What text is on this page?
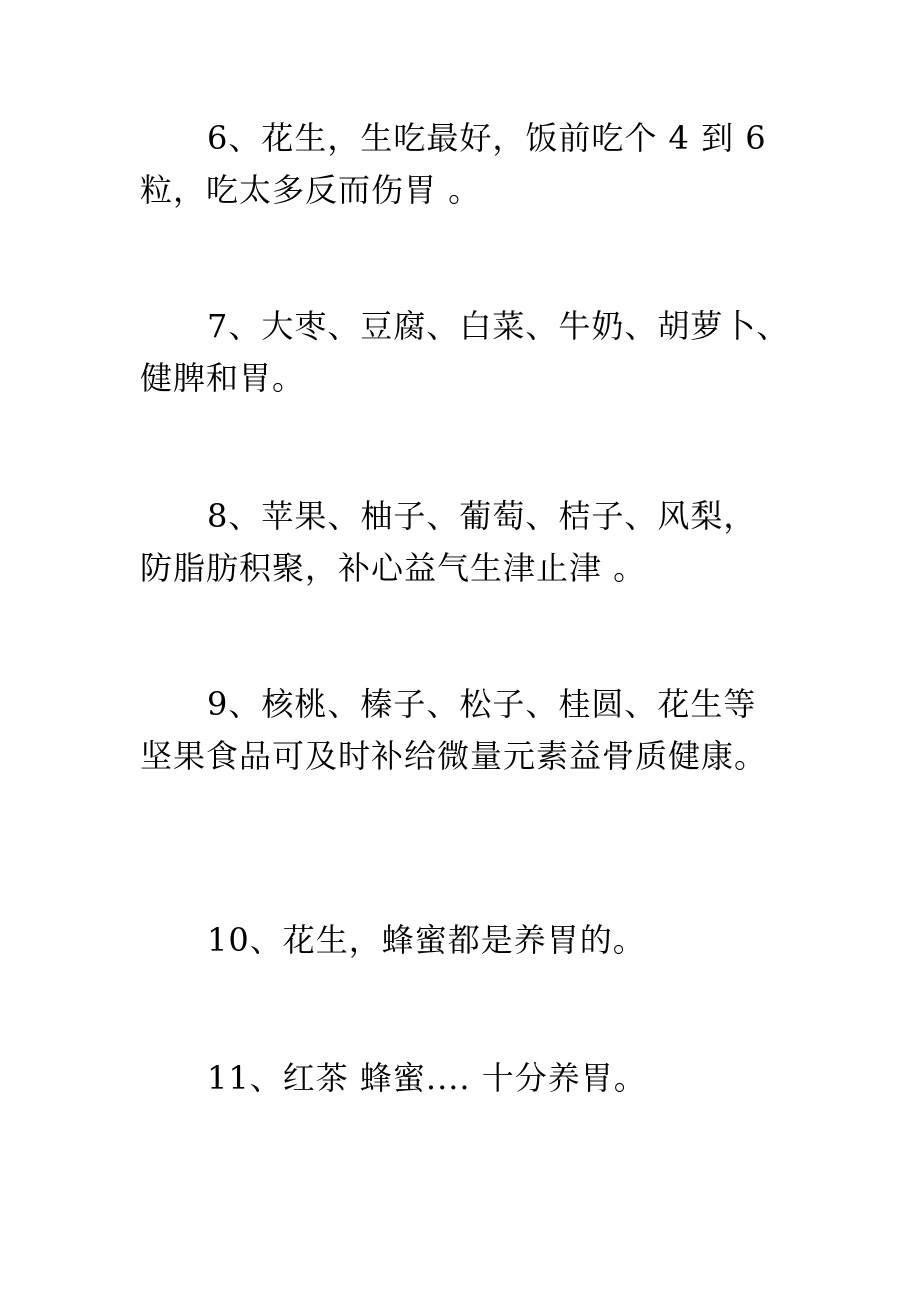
6、花生，生吃最好，饭前吃个 4 到 6
粒，吃太多反而伤胃 。

7、大枣、豆腐、白菜、牛奶、胡萝卜、
健脾和胃。

8、苹果、柚子、葡萄、桔子、风梨，
防脂肪积聚，补心益气生津止津 。

9、核桃、榛子、松子、桂圆、花生等
坚果食品可及时补给微量元素益骨质健康。

10、花生，蜂蜜都是养胃的。

11、红茶 蜂蜜.... 十分养胃。
